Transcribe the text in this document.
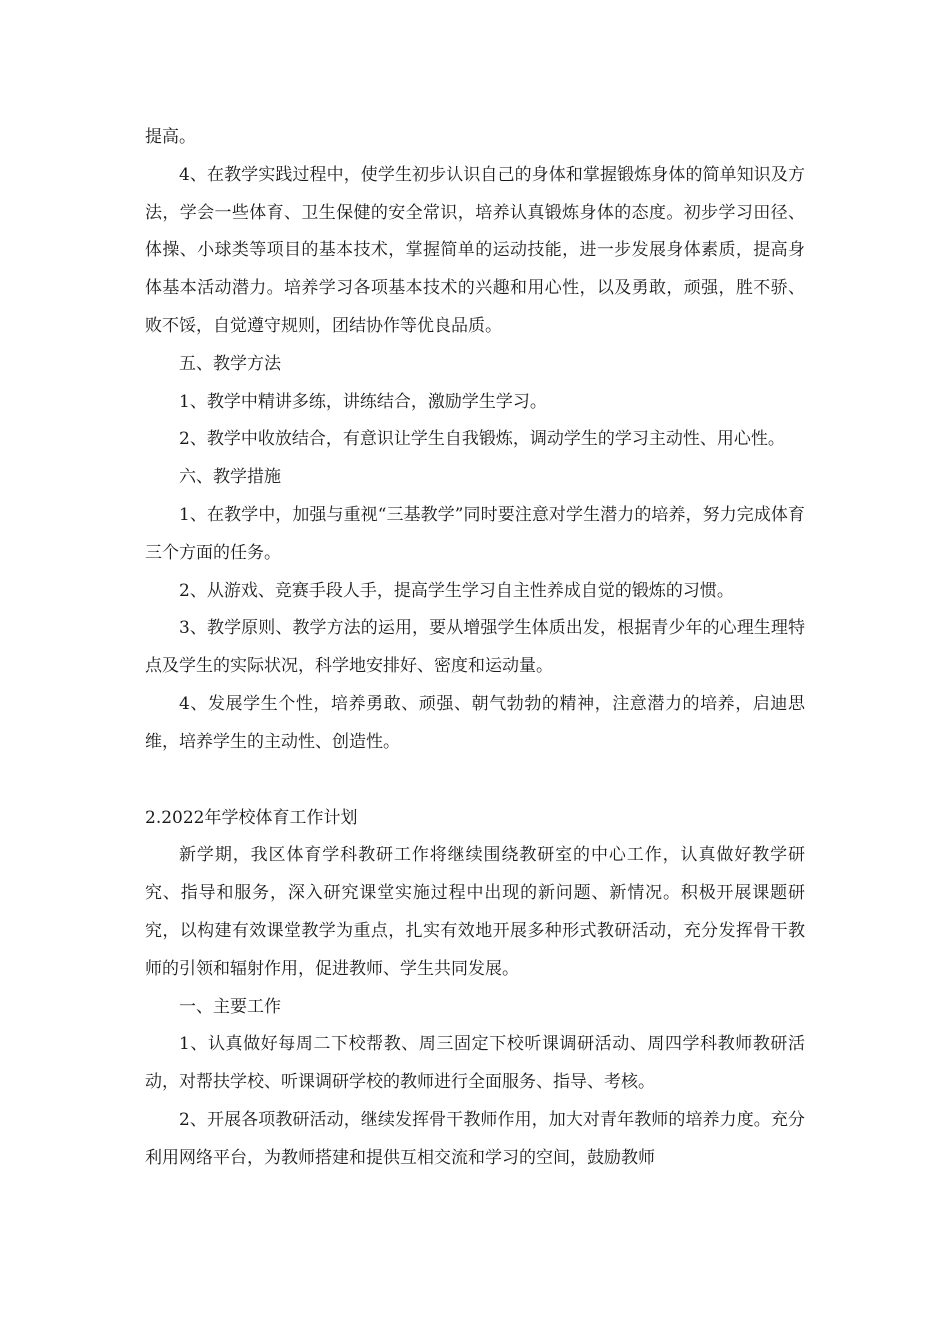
提高。

4、在教学实践过程中，使学生初步认识自己的身体和掌握锻炼身体的简单知识及方法，学会一些体育、卫生保健的安全常识，培养认真锻炼身体的态度。初步学习田径、体操、小球类等项目的基本技术，掌握简单的运动技能，进一步发展身体素质，提高身体基本活动潜力。培养学习各项基本技术的兴趣和用心性，以及勇敢，顽强，胜不骄、败不馁，自觉遵守规则，团结协作等优良品质。

五、教学方法

1、教学中精讲多练，讲练结合，激励学生学习。

2、教学中收放结合，有意识让学生自我锻炼，调动学生的学习主动性、用心性。

六、教学措施

1、在教学中，加强与重视“三基教学”同时要注意对学生潜力的培养，努力完成体育三个方面的任务。

2、从游戏、竞赛手段人手，提高学生学习自主性养成自觉的锻炼的习惯。

3、教学原则、教学方法的运用，要从增强学生体质出发，根据青少年的心理生理特点及学生的实际状况，科学地安排好、密度和运动量。

4、发展学生个性，培养勇敢、顽强、朝气勃勃的精神，注意潜力的培养，启迪思维，培养学生的主动性、创造性。

2.2022年学校体育工作计划

新学期，我区体育学科教研工作将继续围绕教研室的中心工作，认真做好教学研究、指导和服务，深入研究课堂实施过程中出现的新问题、新情况。积极开展课题研究，以构建有效课堂教学为重点，扎实有效地开展多种形式教研活动，充分发挥骨干教师的引领和辐射作用，促进教师、学生共同发展。

一、主要工作

1、认真做好每周二下校帮教、周三固定下校听课调研活动、周四学科教师教研活动，对帮扶学校、听课调研学校的教师进行全面服务、指导、考核。

2、开展各项教研活动，继续发挥骨干教师作用，加大对青年教师的培养力度。充分利用网络平台，为教师搭建和提供互相交流和学习的空间，鼓励教师
